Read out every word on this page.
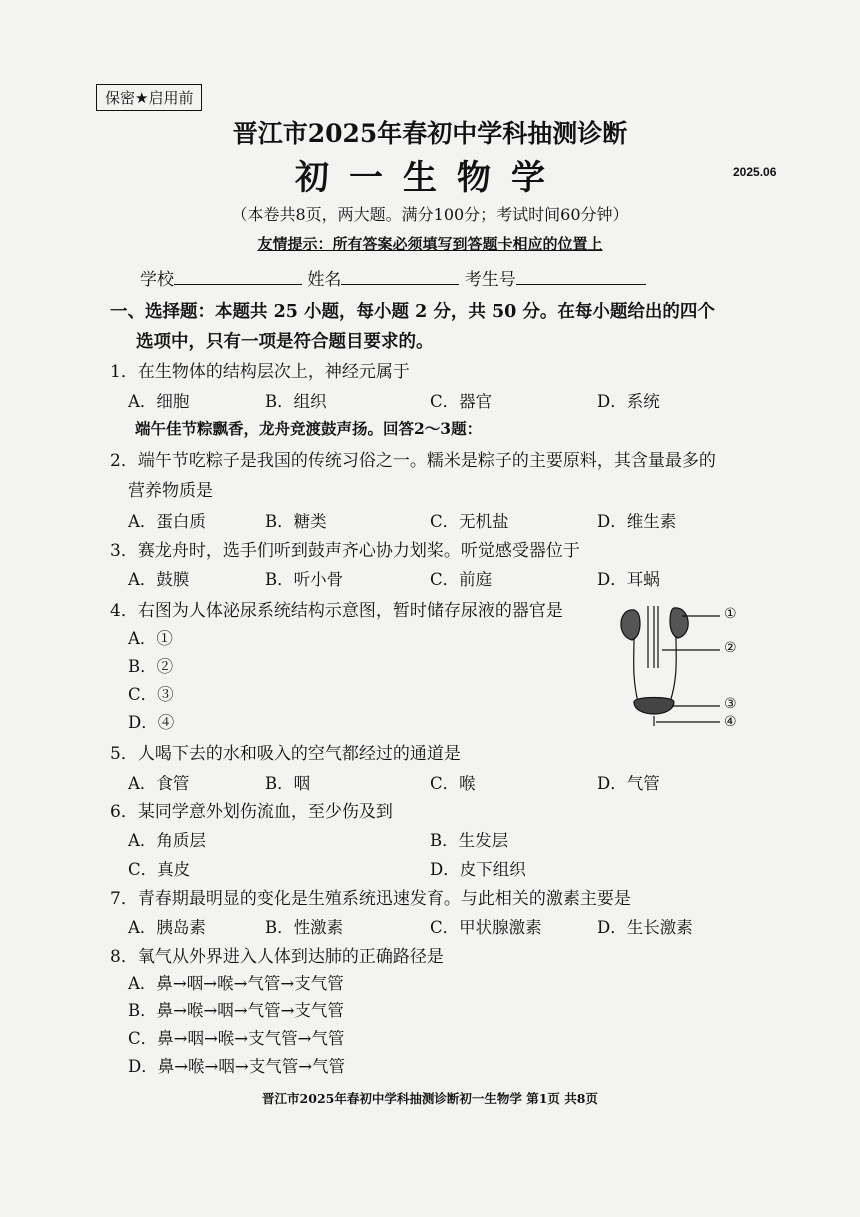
保密★启用前
晋江市2025年春初中学科抽测诊断
初一生物学	2025.06
（本卷共8页，两大题。满分100分；考试时间60分钟）
友情提示：所有答案必须填写到答题卡相应的位置上
学校	姓名	考生号
一、选择题：本题共 25 小题，每小题 2 分，共 50 分。在每小题给出的四个
选项中，只有一项是符合题目要求的。
1．在生物体的结构层次上，神经元属于
A．细胞	B．组织	C．器官	D．系统
端午佳节粽飘香，龙舟竞渡鼓声扬。回答2～3题：
2．端午节吃粽子是我国的传统习俗之一。糯米是粽子的主要原料，其含量最多的
营养物质是
A．蛋白质	B．糖类	C．无机盐	D．维生素
3．赛龙舟时，选手们听到鼓声齐心协力划桨。听觉感受器位于
A．鼓膜	B．听小骨	C．前庭	D．耳蜗
4．右图为人体泌尿系统结构示意图，暂时储存尿液的器官是
A．①
B．②
C．③
D．④
①
②
③
④
5．人喝下去的水和吸入的空气都经过的通道是
A．食管	B．咽	C．喉	D．气管
6．某同学意外划伤流血，至少伤及到
A．角质层	B．生发层
C．真皮	D．皮下组织
7．青春期最明显的变化是生殖系统迅速发育。与此相关的激素主要是
A．胰岛素	B．性激素	C．甲状腺激素	D．生长激素
8．氧气从外界进入人体到达肺的正确路径是
A．鼻→咽→喉→气管→支气管
B．鼻→喉→咽→气管→支气管
C．鼻→咽→喉→支气管→气管
D．鼻→喉→咽→支气管→气管
晋江市2025年春初中学科抽测诊断初一生物学 第1页 共8页
